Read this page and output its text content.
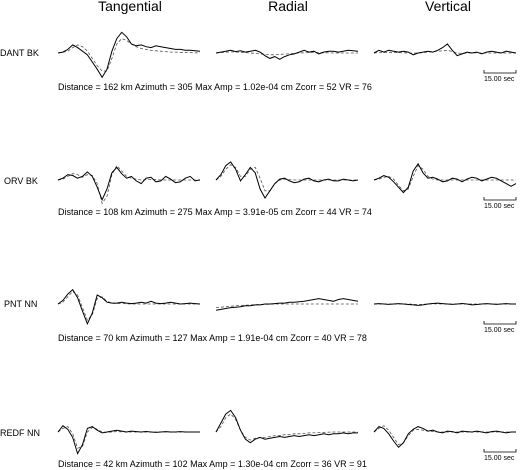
Tangential	Radial	Vertical
DANT BK
Distance = 162 km Azimuth = 305 Max Amp = 1.02e-04 cm Zcorr = 52 VR = 76
ORV BK
Distance = 108 km Azimuth = 275 Max Amp = 3.91e-05 cm Zcorr = 44 VR = 74
PNT NN
Distance = 70 km Azimuth = 127 Max Amp = 1.91e-04 cm Zcorr = 40 VR = 78
REDF NN
Distance = 42 km Azimuth = 102 Max Amp = 1.30e-04 cm Zcorr = 36 VR = 91
15.00 sec
15.00 sec
15.00 sec
15.00 sec
